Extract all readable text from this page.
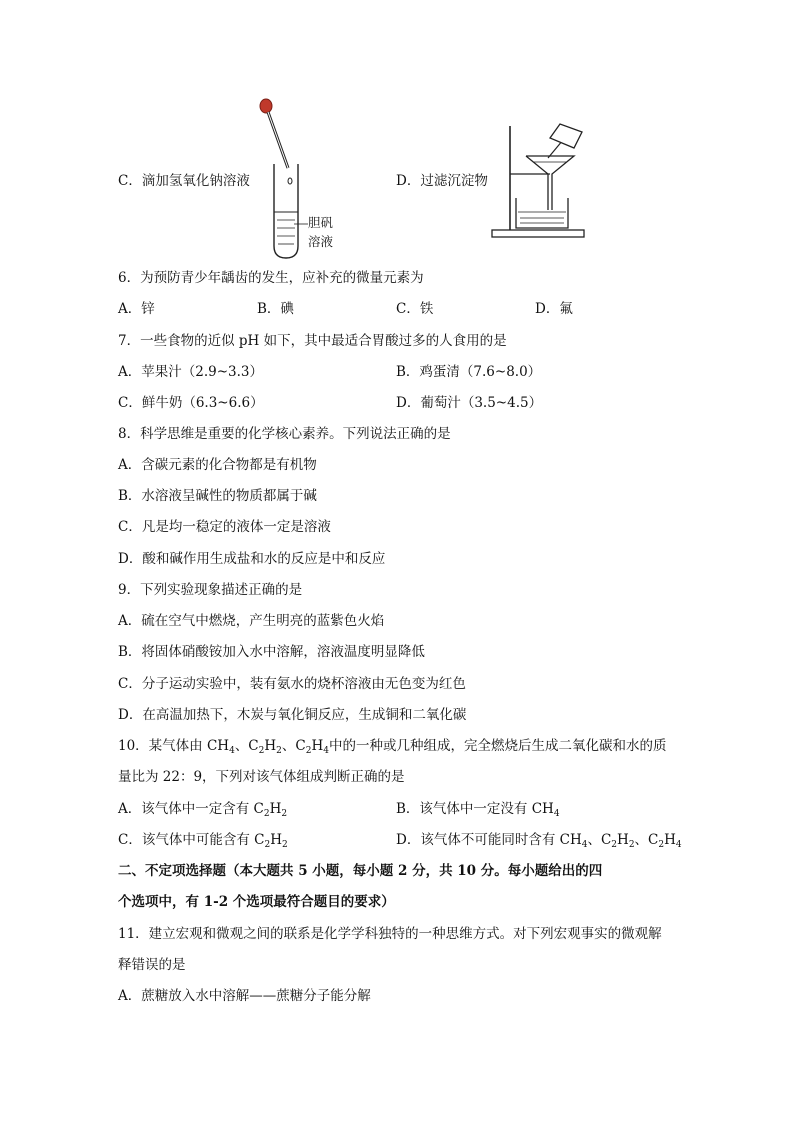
C．滴加氢氧化钠溶液
胆矾
溶液
D．过滤沉淀物
6．为预防青少年龋齿的发生，应补充的微量元素为
A．锌	B．碘	C．铁	D．氟
7．一些食物的近似 pH 如下，其中最适合胃酸过多的人食用的是
A．苹果汁（2.9~3.3）	B．鸡蛋清（7.6~8.0）
C．鲜牛奶（6.3~6.6）	D．葡萄汁（3.5~4.5）
8．科学思维是重要的化学核心素养。下列说法正确的是
A．含碳元素的化合物都是有机物
B．水溶液呈碱性的物质都属于碱
C．凡是均一稳定的液体一定是溶液
D．酸和碱作用生成盐和水的反应是中和反应
9．下列实验现象描述正确的是
A．硫在空气中燃烧，产生明亮的蓝紫色火焰
B．将固体硝酸铵加入水中溶解，溶液温度明显降低
C．分子运动实验中，装有氨水的烧杯溶液由无色变为红色
D．在高温加热下，木炭与氧化铜反应，生成铜和二氧化碳
10．某气体由 $CH_4$、$C_2H_2$、$C_2H_4$中的一种或几种组成，完全燃烧后生成二氧化碳和水的质
量比为 22：9，下列对该气体组成判断正确的是
A．该气体中一定含有 $C_2H_2$	B．该气体中一定没有 $CH_4$
C．该气体中可能含有 $C_2H_2$	D．该气体不可能同时含有 $CH_4$、$C_2H_2$、$C_2H_4$
二、不定项选择题（本大题共 5 小题，每小题 2 分，共 10 分。每小题给出的四
个选项中，有 1-2 个选项最符合题目的要求）
11．建立宏观和微观之间的联系是化学学科独特的一种思维方式。对下列宏观事实的微观解
释错误的是
A．蔗糖放入水中溶解——蔗糖分子能分解
